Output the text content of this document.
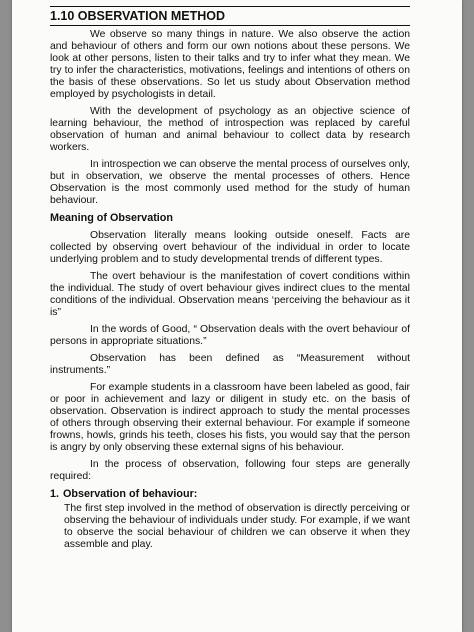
1.10 OBSERVATION METHOD

We observe so many things in nature. We also observe the action and behaviour of others and form our own notions about these persons. We look at other persons, listen to their talks and try to infer what they mean. We try to infer the characteristics, motivations, feelings and intentions of others on the basis of these observations. So let us study about Observation method employed by psychologists in detail.

With the development of psychology as an objective science of learning behaviour, the method of introspection was replaced by careful observation of human and animal behaviour to collect data by research workers.

In introspection we can observe the mental process of ourselves only, but in observation, we observe the mental processes of others. Hence Observation is the most commonly used method for the study of human behaviour.

Meaning of Observation

Observation literally means looking outside oneself. Facts are collected by observing overt behaviour of the individual in order to locate underlying problem and to study developmental trends of different types.

The overt behaviour is the manifestation of covert conditions within the individual. The study of overt behaviour gives indirect clues to the mental conditions of the individual. Observation means ‘perceiving the behaviour as it is”

In the words of Good, “ Observation deals with the overt behaviour of persons in appropriate situations.”

Observation has been defined as “Measurement without instruments.”

For example students in a classroom have been labeled as good, fair or poor in achievement and lazy or diligent in study etc. on the basis of observation. Observation is indirect approach to study the mental processes of others through observing their external behaviour. For example if someone frowns, howls, grinds his teeth, closes his fists, you would say that the person is angry by only observing these external signs of his behaviour.

In the process of observation, following four steps are generally required:

1. Observation of behaviour:

The first step involved in the method of observation is directly perceiving or observing the behaviour of individuals under study. For example, if we want to observe the social behaviour of children we can observe it when they assemble and play.
